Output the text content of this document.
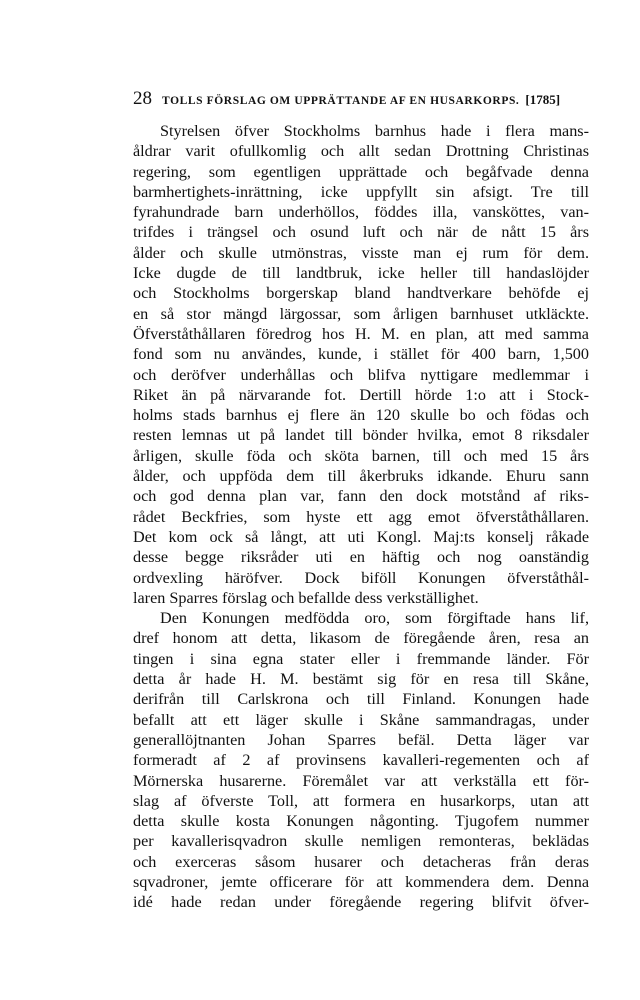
28 TOLLS FÖRSLAG OM UPPRÄTTANDE AF EN HUSARKORPS. [1785]
Styrelsen öfver Stockholms barnhus hade i flera mans-
åldrar varit ofullkomlig och allt sedan Drottning Christinas
regering, som egentligen upprättade och begåfvade denna
barmhertighets-inrättning, icke uppfyllt sin afsigt. Tre till
fyrahundrade barn underhöllos, föddes illa, vansköttes, van-
trifdes i trängsel och osund luft och när de nått 15 års
ålder och skulle utmönstras, visste man ej rum för dem.
Icke dugde de till landtbruk, icke heller till handaslöjder
och Stockholms borgerskap bland handtverkare behöfde ej
en så stor mängd lärgossar, som årligen barnhuset utkläckte.
Öfverståthållaren föredrog hos H. M. en plan, att med samma
fond som nu användes, kunde, i stället för 400 barn, 1,500
och deröfver underhållas och blifva nyttigare medlemmar i
Riket än på närvarande fot. Dertill hörde 1:o att i Stock-
holms stads barnhus ej flere än 120 skulle bo och födas och
resten lemnas ut på landet till bönder hvilka, emot 8 riksdaler
årligen, skulle föda och sköta barnen, till och med 15 års
ålder, och uppföda dem till åkerbruks idkande. Ehuru sann
och god denna plan var, fann den dock motstånd af riks-
rådet Beckfries, som hyste ett agg emot öfverståthållaren.
Det kom ock så långt, att uti Kongl. Maj:ts konselj råkade
desse begge riksråder uti en häftig och nog oanständig
ordvexling häröfver. Dock biföll Konungen öfverståthål-
laren Sparres förslag och befallde dess verkställighet.
Den Konungen medfödda oro, som förgiftade hans lif,
dref honom att detta, likasom de föregående åren, resa an
tingen i sina egna stater eller i fremmande länder. För
detta år hade H. M. bestämt sig för en resa till Skåne,
derifrån till Carlskrona och till Finland. Konungen hade
befallt att ett läger skulle i Skåne sammandragas, under
generallöjtnanten Johan Sparres befäl. Detta läger var
formeradt af 2 af provinsens kavalleri-regementen och af
Mörnerska husarerne. Föremålet var att verkställa ett för-
slag af öfverste Toll, att formera en husarkorps, utan att
detta skulle kosta Konungen någonting. Tjugofem nummer
per kavallerisqvadron skulle nemligen remonteras, beklädas
och exerceras såsom husarer och detacheras från deras
sqvadroner, jemte officerare för att kommendera dem. Denna
idé hade redan under föregående regering blifvit öfver-
